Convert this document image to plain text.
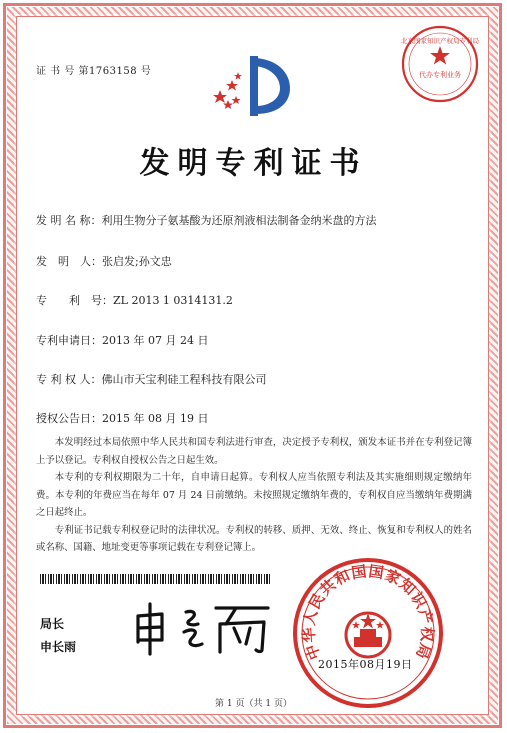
证 书 号 第1763158 号
北京国家知识产权局专利局
代办专利业务
发明专利证书
发 明 名 称：利用生物分子氨基酸为还原剂液相法制备金纳米盘的方法
发　明　人：张启发;孙文忠
专　　利　号：ZL 2013 1 0314131.2
专利申请日：2013 年 07 月 24 日
专 利 权 人：佛山市天宝利硅工程科技有限公司
授权公告日：2015 年 08 月 19 日

本发明经过本局依照中华人民共和国专利法进行审查，决定授予专利权，颁发本证书并在专利登记簿上予以登记。专利权自授权公告之日起生效。

本专利的专利权期限为二十年，自申请日起算。专利权人应当依照专利法及其实施细则规定缴纳年费。本专利的年费应当在每年 07 月 24 日前缴纳。未按照规定缴纳年费的，专利权自应当缴纳年费期满之日起终止。

专利证书记载专利权登记时的法律状况。专利权的转移、质押、无效、终止、恢复和专利权人的姓名或名称、国籍、地址变更等事项记载在专利登记簿上。

局长
申长雨	中华人民共和国国家知识产权局
2015年08月19日
第 1 页（共 1 页）
